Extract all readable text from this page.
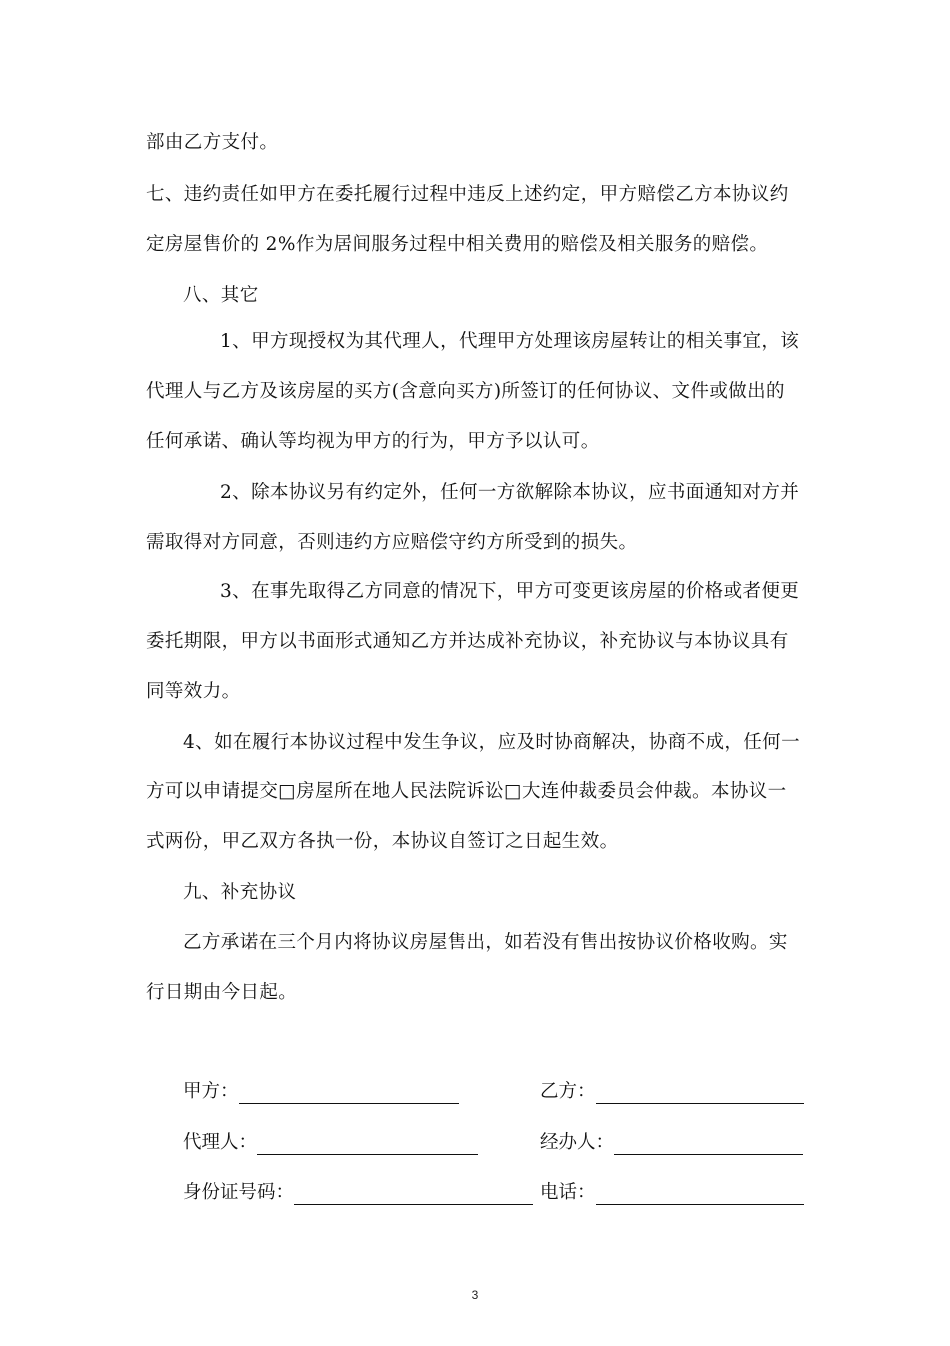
部由乙方支付。
七、违约责任如甲方在委托履行过程中违反上述约定，甲方赔偿乙方本协议约
定房屋售价的 2%作为居间服务过程中相关费用的赔偿及相关服务的赔偿。
八、其它
1、甲方现授权为其代理人，代理甲方处理该房屋转让的相关事宜，该
代理人与乙方及该房屋的买方(含意向买方)所签订的任何协议、文件或做出的
任何承诺、确认等均视为甲方的行为，甲方予以认可。
2、除本协议另有约定外，任何一方欲解除本协议，应书面通知对方并
需取得对方同意，否则违约方应赔偿守约方所受到的损失。
3、在事先取得乙方同意的情况下，甲方可变更该房屋的价格或者便更
委托期限，甲方以书面形式通知乙方并达成补充协议，补充协议与本协议具有
同等效力。
4、如在履行本协议过程中发生争议，应及时协商解决，协商不成，任何一
方可以申请提交□房屋所在地人民法院诉讼□大连仲裁委员会仲裁。本协议一
式两份，甲乙双方各执一份，本协议自签订之日起生效。
九、补充协议
乙方承诺在三个月内将协议房屋售出，如若没有售出按协议价格收购。实
行日期由今日起。
甲方：	乙方：
代理人：	经办人：
身份证号码：	电话：
3
